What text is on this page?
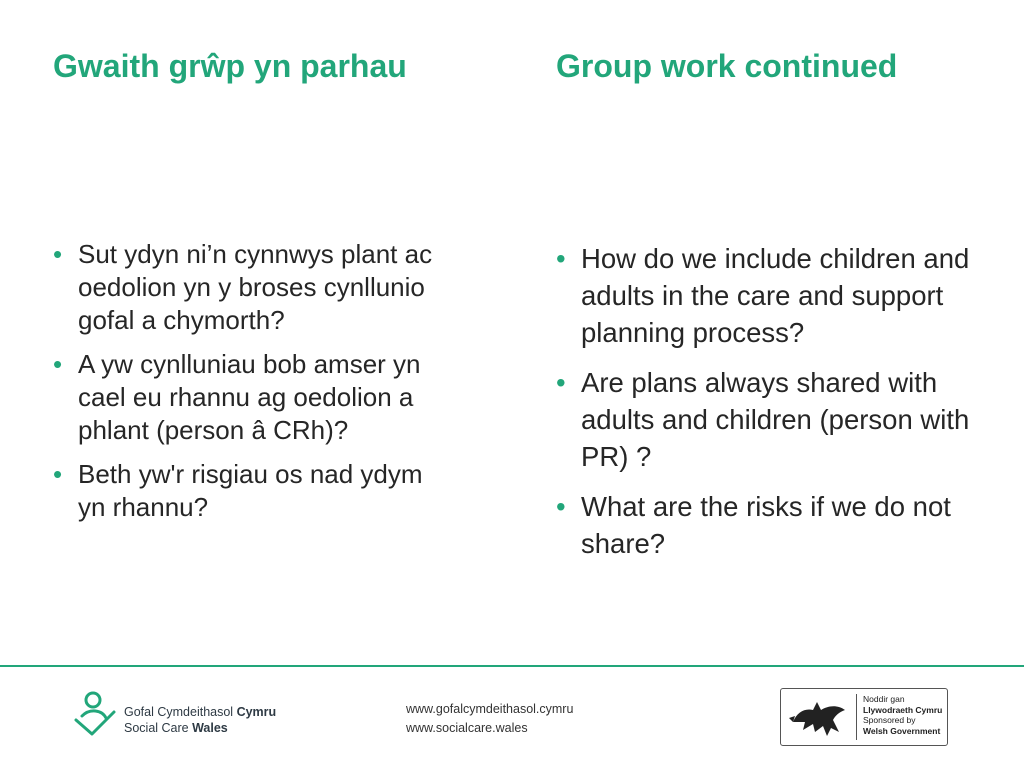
Gwaith grŵp yn parhau	Group work continued
• Sut ydyn ni’n cynnwys plant ac oedolion yn y broses cynllunio gofal a chymorth?
• A yw cynlluniau bob amser yn cael eu rhannu ag oedolion a phlant (person â CRh)?
• Beth yw'r risgiau os nad ydym yn rhannu?
• How do we include children and adults in the care and support planning process?
• Are plans always shared with adults and children (person with PR) ?
• What are the risks if we do not share?
Gofal Cymdeithasol Cymru
Social Care Wales
www.gofalcymdeithasol.cymru
www.socialcare.wales
Noddir gan
Llywodraeth Cymru
Sponsored by
Welsh Government
